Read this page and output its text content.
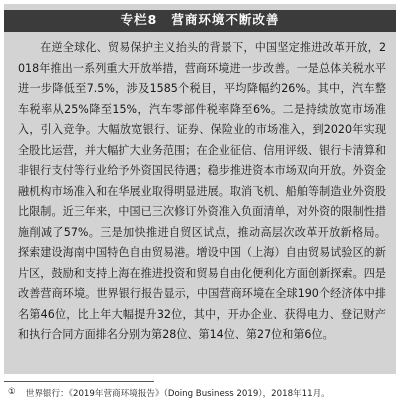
专栏8 营商环境不断改善

在逆全球化、贸易保护主义抬头的背景下，中国坚定推进改革开放，2018年推出一系列重大开放举措，营商环境进一步改善。一是总体关税水平进一步降低至7.5%，涉及1585个税目，平均降幅约26%。其中，汽车整车税率从25%降至15%，汽车零部件税率降至6%。二是持续放宽市场准入，引入竞争。大幅放宽银行、证券、保险业的市场准入，到2020年实现全股比运营，并大幅扩大业务范围；在企业征信、信用评级、银行卡清算和非银行支付等行业给予外资国民待遇；稳步推进资本市场双向开放。外资金融机构市场准入和在华展业取得明显进展。取消飞机、船舶等制造业外资股比限制。近三年来，中国已三次修订外资准入负面清单，对外资的限制性措施削减了57%。三是加快推进自贸区试点，推动高层次改革开放新格局。探索建设海南中国特色自由贸易港。增设中国（上海）自由贸易试验区的新片区，鼓励和支持上海在推进投资和贸易自由化便利化方面创新探索。四是改善营商环境。世界银行报告显示，中国营商环境在全球190个经济体中排名第46位，比上年大幅提升32位，其中，开办企业、获得电力、登记财产和执行合同方面排名分别为第28位、第14位、第27位和第6位。

① 世界银行：《2019年营商环境报告》（Doing Business 2019），2018年11月。
